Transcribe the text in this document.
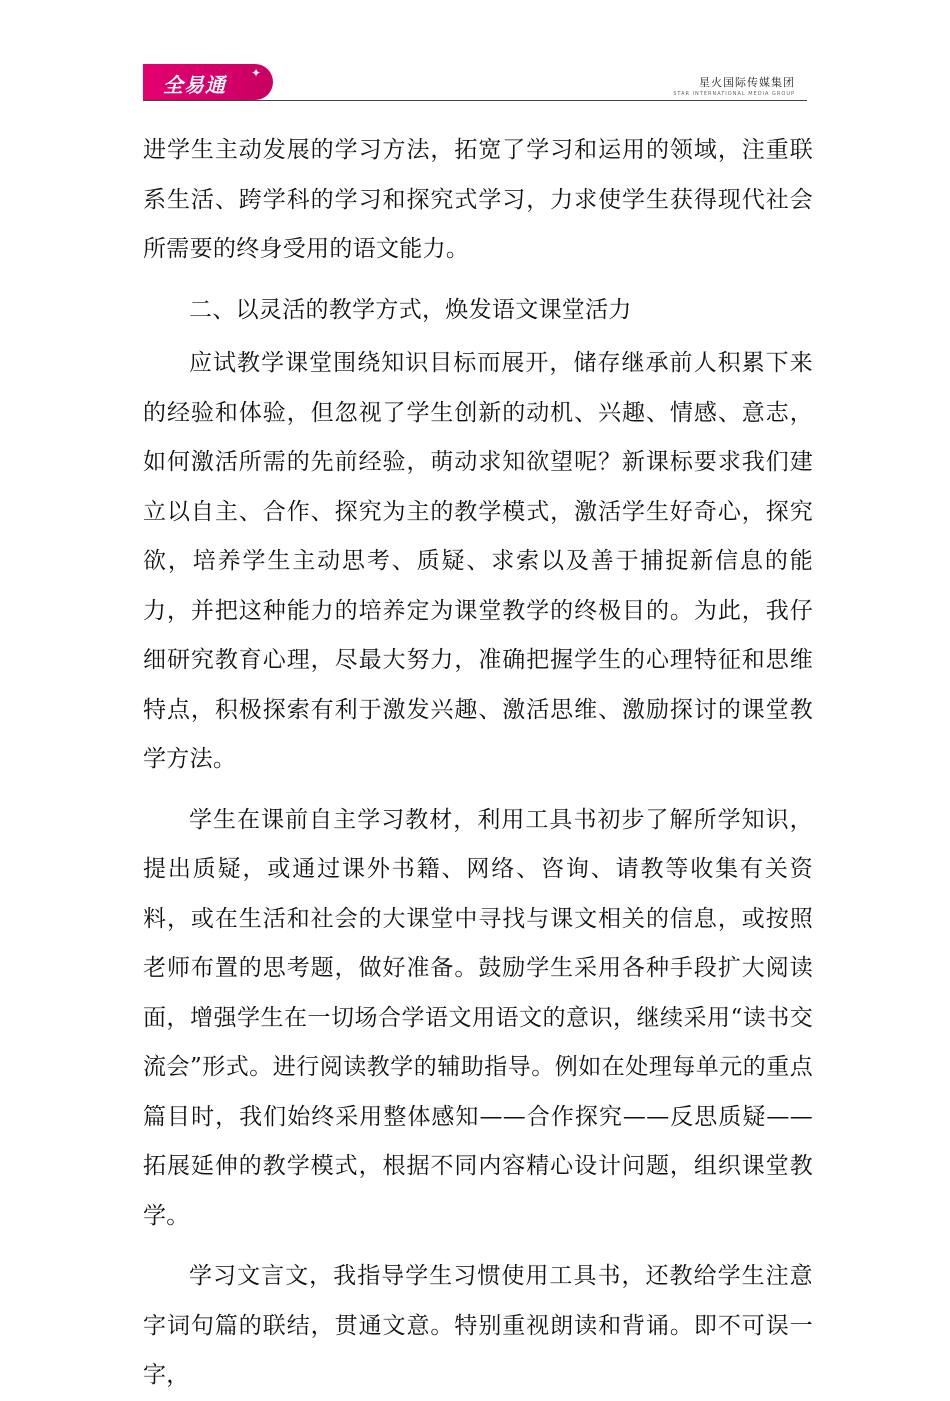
全易通 ✦
星火国际传媒集团
STAR INTERNATIONAL MEDIA GROUP

进学生主动发展的学习方法，拓宽了学习和运用的领域，注重联系生活、跨学科的学习和探究式学习，力求使学生获得现代社会所需要的终身受用的语文能力。

二、以灵活的教学方式，焕发语文课堂活力

应试教学课堂围绕知识目标而展开，储存继承前人积累下来的经验和体验，但忽视了学生创新的动机、兴趣、情感、意志，如何激活所需的先前经验，萌动求知欲望呢？新课标要求我们建立以自主、合作、探究为主的教学模式，激活学生好奇心，探究欲，培养学生主动思考、质疑、求索以及善于捕捉新信息的能力，并把这种能力的培养定为课堂教学的终极目的。为此，我仔细研究教育心理，尽最大努力，准确把握学生的心理特征和思维特点，积极探索有利于激发兴趣、激活思维、激励探讨的课堂教学方法。

学生在课前自主学习教材，利用工具书初步了解所学知识，提出质疑，或通过课外书籍、网络、咨询、请教等收集有关资料，或在生活和社会的大课堂中寻找与课文相关的信息，或按照老师布置的思考题，做好准备。鼓励学生采用各种手段扩大阅读面，增强学生在一切场合学语文用语文的意识，继续采用“读书交流会”形式。进行阅读教学的辅助指导。例如在处理每单元的重点篇目时，我们始终采用整体感知——合作探究——反思质疑——拓展延伸的教学模式，根据不同内容精心设计问题，组织课堂教学。

学习文言文，我指导学生习惯使用工具书，还教给学生注意字词句篇的联结，贯通文意。特别重视朗读和背诵。即不可误一字，
